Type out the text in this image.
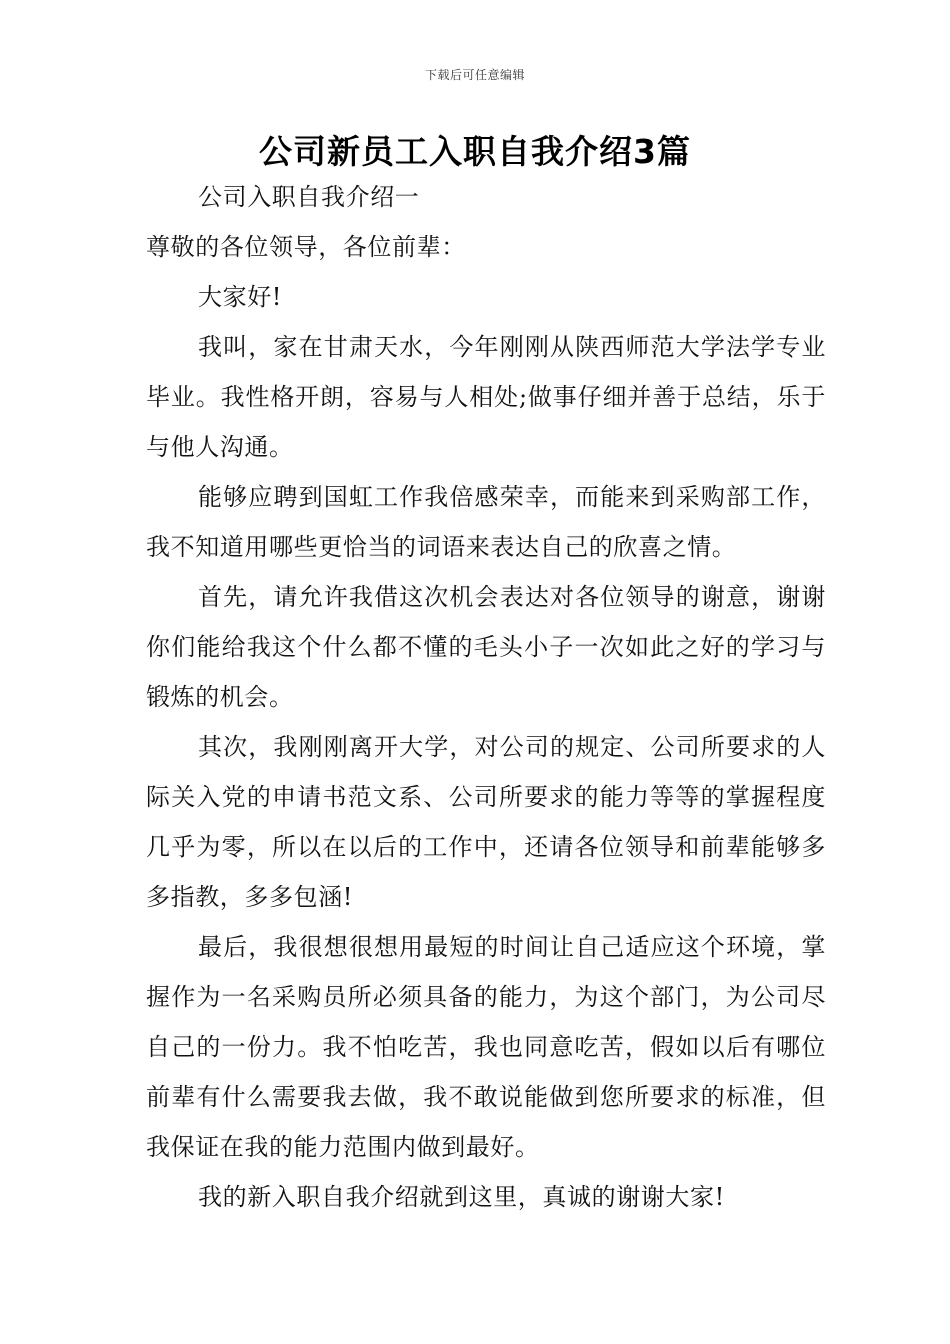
下载后可任意编辑
公司新员工入职自我介绍3篇

公司入职自我介绍一

尊敬的各位领导，各位前辈：

大家好!

我叫，家在甘肃天水，今年刚刚从陕西师范大学法学专业毕业。我性格开朗，容易与人相处;做事仔细并善于总结，乐于与他人沟通。

能够应聘到国虹工作我倍感荣幸，而能来到采购部工作，我不知道用哪些更恰当的词语来表达自己的欣喜之情。

首先，请允许我借这次机会表达对各位领导的谢意，谢谢你们能给我这个什么都不懂的毛头小子一次如此之好的学习与锻炼的机会。

其次，我刚刚离开大学，对公司的规定、公司所要求的人际关入党的申请书范文系、公司所要求的能力等等的掌握程度几乎为零，所以在以后的工作中，还请各位领导和前辈能够多多指教，多多包涵!

最后，我很想很想用最短的时间让自己适应这个环境，掌握作为一名采购员所必须具备的能力，为这个部门，为公司尽自己的一份力。我不怕吃苦，我也同意吃苦，假如以后有哪位前辈有什么需要我去做，我不敢说能做到您所要求的标准，但我保证在我的能力范围内做到最好。

我的新入职自我介绍就到这里，真诚的谢谢大家!
